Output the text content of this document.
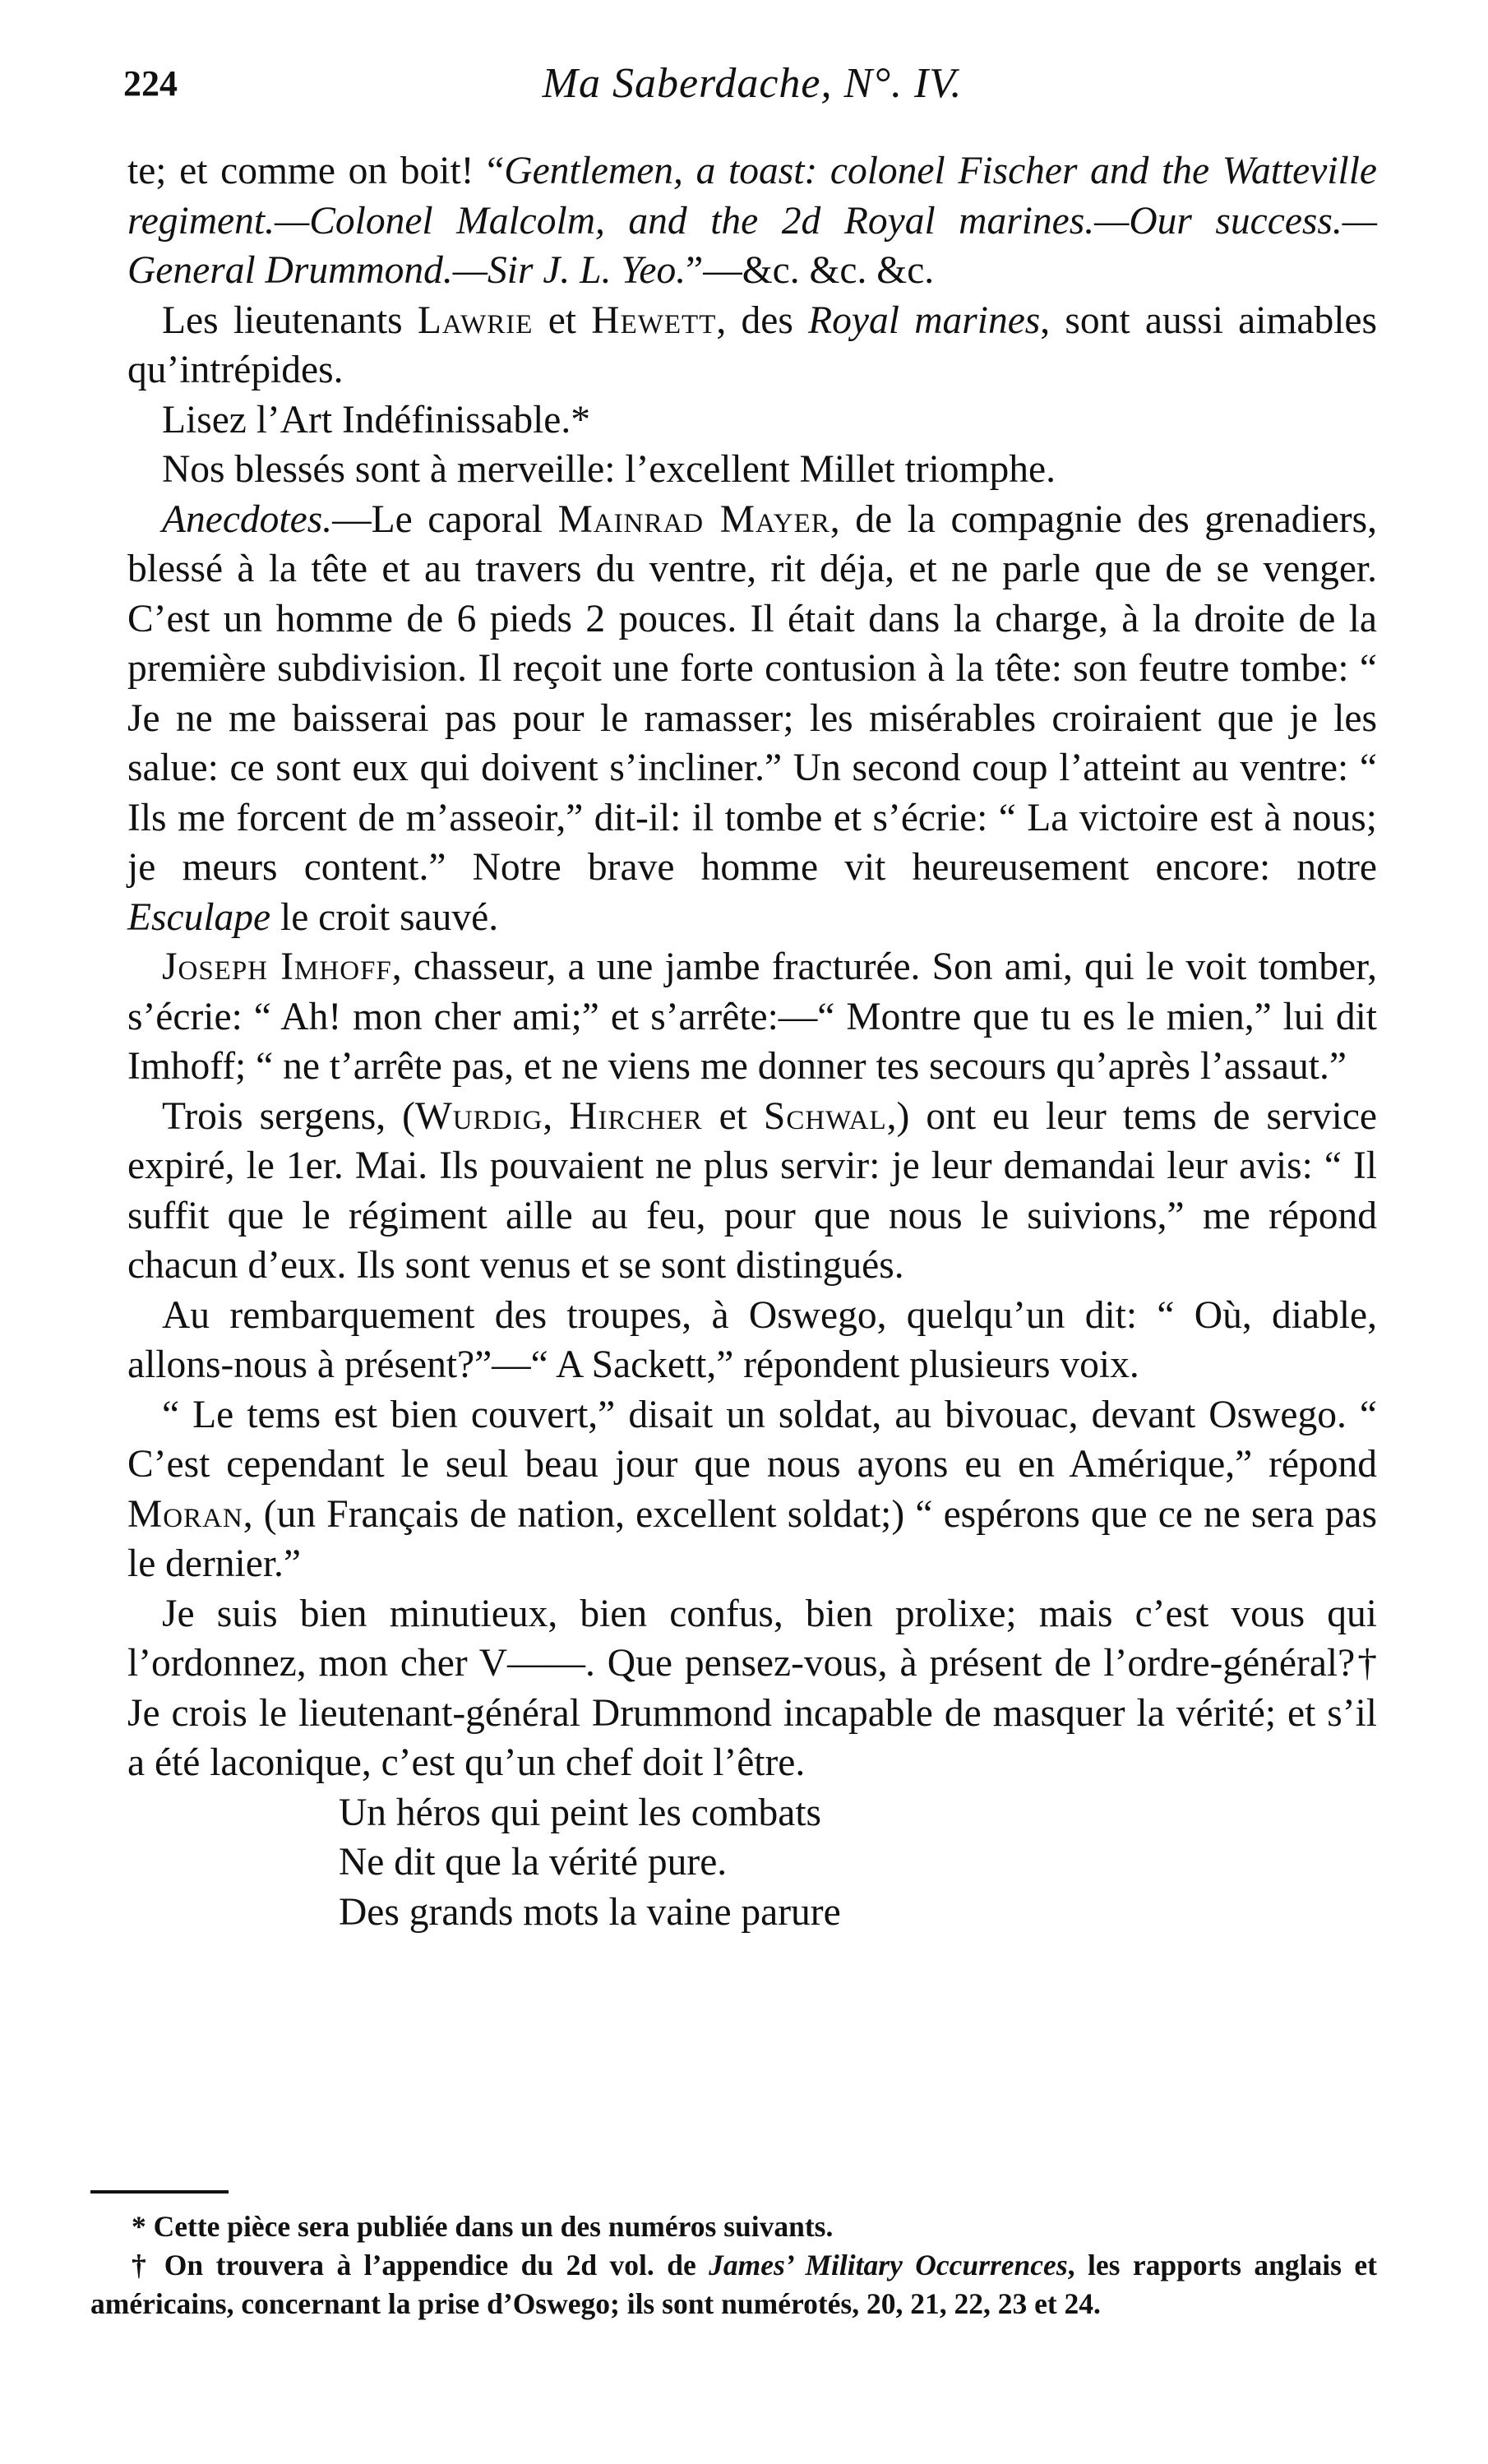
224	Ma Saberdache, N°. IV.

te; et comme on boit! “Gentlemen, a toast: colonel Fischer and the Watteville regiment.—Colonel Malcolm, and the 2d Royal marines.—Our success.—General Drummond.—Sir J. L. Yeo.”—&c. &c. &c.

Les lieutenants Lawrie et Hewett, des Royal marines, sont aussi aimables qu’intrépides.

Lisez l’Art Indéfinissable.*

Nos blessés sont à merveille: l’excellent Millet triomphe.

Anecdotes.—Le caporal Mainrad Mayer, de la compagnie des grenadiers, blessé à la tête et au travers du ventre, rit déja, et ne parle que de se venger. C’est un homme de 6 pieds 2 pouces. Il était dans la charge, à la droite de la première subdivision. Il reçoit une forte contusion à la tête: son feutre tombe: “ Je ne me baisserai pas pour le ramasser; les misérables croiraient que je les salue: ce sont eux qui doivent s’incliner.” Un second coup l’atteint au ventre: “ Ils me forcent de m’asseoir,” dit-il: il tombe et s’écrie: “ La victoire est à nous; je meurs content.” Notre brave homme vit heureusement encore: notre Esculape le croit sauvé.

Joseph Imhoff, chasseur, a une jambe fracturée. Son ami, qui le voit tomber, s’écrie: “ Ah! mon cher ami;” et s’arrête:—“ Montre que tu es le mien,” lui dit Imhoff; “ ne t’arrête pas, et ne viens me donner tes secours qu’après l’assaut.”

Trois sergens, (Wurdig, Hircher et Schwal,) ont eu leur tems de service expiré, le 1er. Mai. Ils pouvaient ne plus servir: je leur demandai leur avis: “ Il suffit que le régiment aille au feu, pour que nous le suivions,” me répond chacun d’eux. Ils sont venus et se sont distingués.

Au rembarquement des troupes, à Oswego, quelqu’un dit: “ Où, diable, allons-nous à présent?”—“ A Sackett,” répondent plusieurs voix.

“ Le tems est bien couvert,” disait un soldat, au bivouac, devant Oswego. “ C’est cependant le seul beau jour que nous ayons eu en Amérique,” répond Moran, (un Français de nation, excellent soldat;) “ espérons que ce ne sera pas le dernier.”

Je suis bien minutieux, bien confus, bien prolixe; mais c’est vous qui l’ordonnez, mon cher V——. Que pensez-vous, à présent de l’ordre-général?† Je crois le lieutenant-général Drummond incapable de masquer la vérité; et s’il a été laconique, c’est qu’un chef doit l’être.

Un héros qui peint les combats
Ne dit que la vérité pure.
Des grands mots la vaine parure

* Cette pièce sera publiée dans un des numéros suivants.

† On trouvera à l’appendice du 2d vol. de James’ Military Occurrences, les rapports anglais et américains, concernant la prise d’Oswego; ils sont numérotés, 20, 21, 22, 23 et 24.
